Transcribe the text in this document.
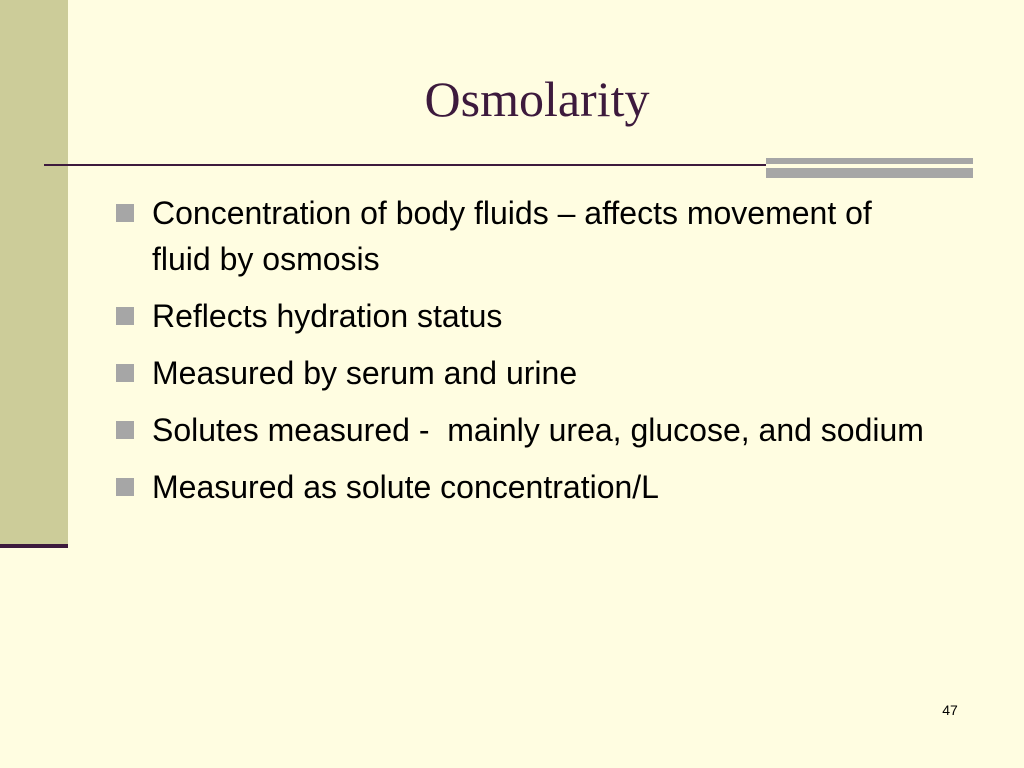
Osmolarity
Concentration of body fluids – affects movement of fluid by osmosis
Reflects hydration status
Measured by serum and urine
Solutes measured -  mainly urea, glucose, and sodium
Measured as solute concentration/L
47
